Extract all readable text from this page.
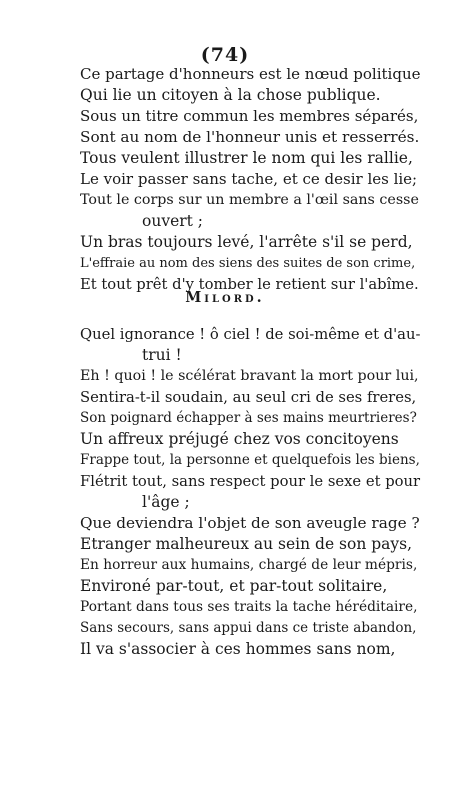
(74)
Ce partage d'honneurs est le nœud politique
Qui lie un citoyen à la chose publique.
Sous un titre commun les membres séparés,
Sont au nom de l'honneur unis et resserrés.
Tous veulent illustrer le nom qui les rallie,
Le voir passer sans tache, et ce desir les lie;
Tout le corps sur un membre a l'œil sans cesse
ouvert ;
Un bras toujours levé, l'arrête s'il se perd,
L'effraie au nom des siens des suites de son crime,
Et tout prêt d'y tomber le retient sur l'abîme.
Milord.
Quel ignorance ! ô ciel ! de soi-même et d'au-
trui !
Eh ! quoi ! le scélérat bravant la mort pour lui,
Sentira-t-il soudain, au seul cri de ses freres,
Son poignard échapper à ses mains meurtrieres?
Un affreux préjugé chez vos concitoyens
Frappe tout, la personne et quelquefois les biens,
Flétrit tout, sans respect pour le sexe et pour
l'âge ;
Que deviendra l'objet de son aveugle rage ?
Etranger malheureux au sein de son pays,
En horreur aux humains, chargé de leur mépris,
Environé par-tout, et par-tout solitaire,
Portant dans tous ses traits la tache héréditaire,
Sans secours, sans appui dans ce triste abandon,
Il va s'associer à ces hommes sans nom,
